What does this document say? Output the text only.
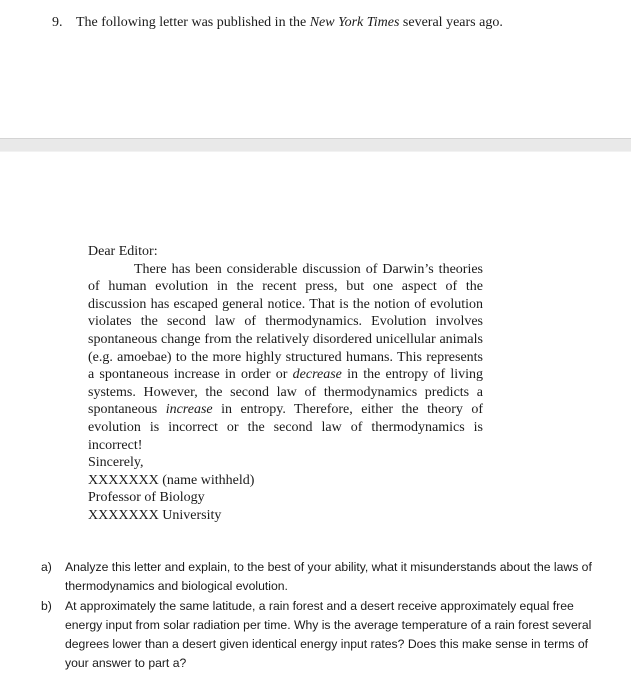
9. The following letter was published in the New York Times several years ago.
Dear Editor:
There has been considerable discussion of Darwin’s theories of human evolution in the recent press, but one aspect of the discussion has escaped general notice. That is the notion of evolution violates the second law of thermodynamics. Evolution involves spontaneous change from the relatively disordered unicellular animals (e.g. amoebae) to the more highly structured humans. This represents a spontaneous increase in order or decrease in the entropy of living systems. However, the second law of thermodynamics predicts a spontaneous increase in entropy. Therefore, either the theory of evolution is incorrect or the second law of thermodynamics is incorrect!
Sincerely,
XXXXXXX (name withheld)
Professor of Biology
XXXXXXX University
a)	Analyze this letter and explain, to the best of your ability, what it misunderstands about the laws of thermodynamics and biological evolution.
b)	At approximately the same latitude, a rain forest and a desert receive approximately equal free energy input from solar radiation per time. Why is the average temperature of a rain forest several degrees lower than a desert given identical energy input rates? Does this make sense in terms of your answer to part a?
